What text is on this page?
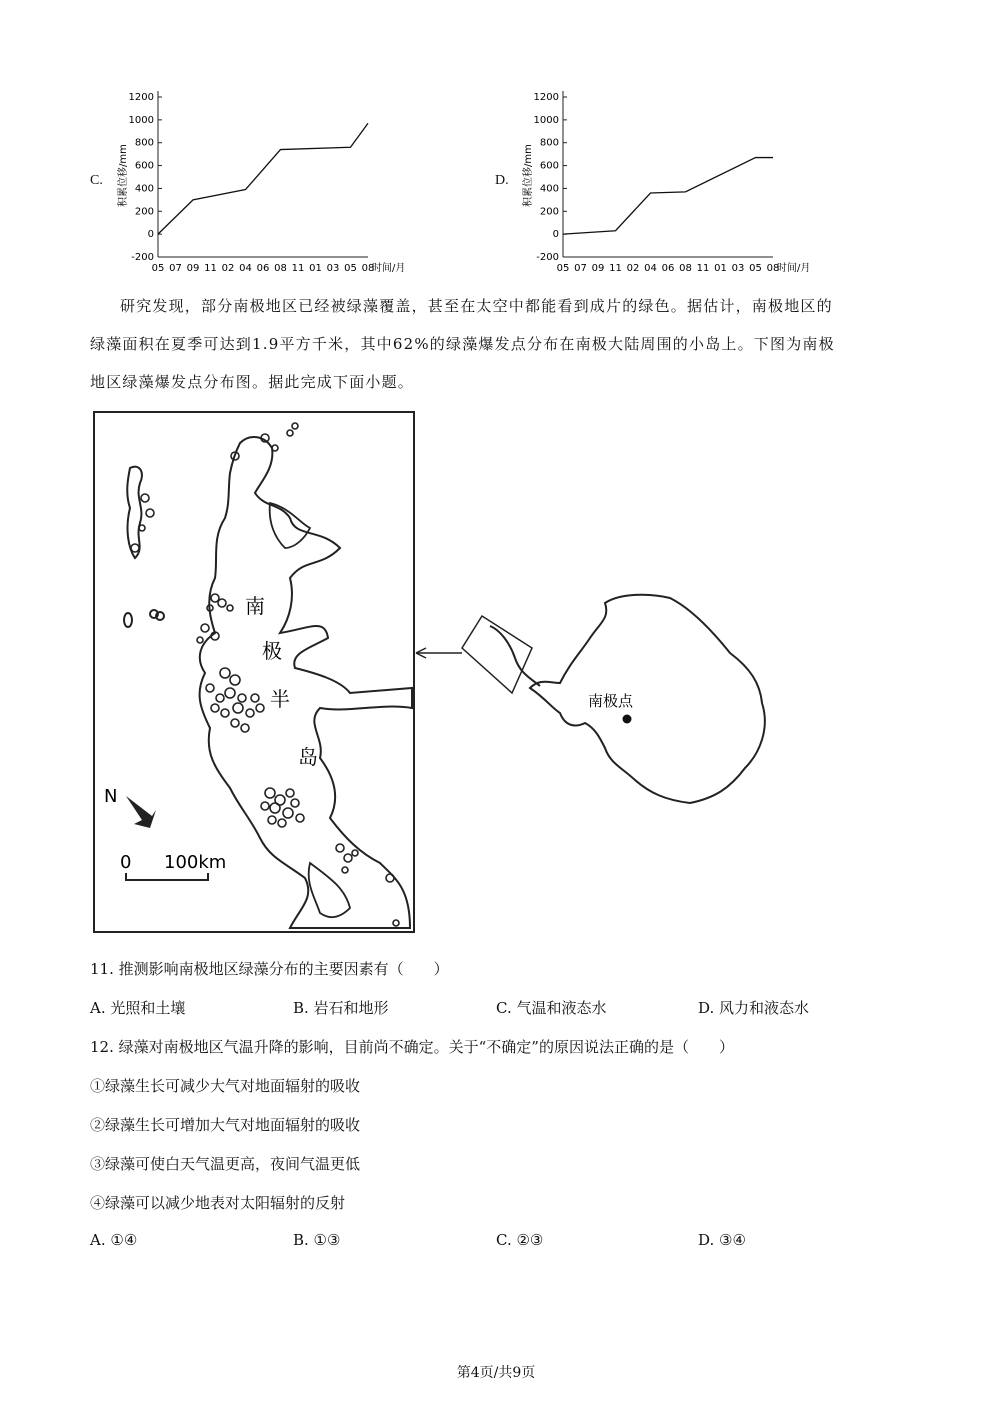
C.
-200
0
200
400
600
800
1000
1200
05 07 09 11 02 04 06 08 11 01 03 05 08
时间/月
积累位移/mm	D.
-200
0
200
400
600
800
1000
1200
05 07 09 11 02 04 06 08 11 01 03 05 08
时间/月
积累位移/mm
研究发现，部分南极地区已经被绿藻覆盖，甚至在太空中都能看到成片的绿色。据估计，南极地区的
绿藻面积在夏季可达到1.9平方千米，其中62%的绿藻爆发点分布在南极大陆周围的小岛上。下图为南极
地区绿藻爆发点分布图。据此完成下面小题。
南
极
半
岛
N
0 100km
南极点
11. 推测影响南极地区绿藻分布的主要因素有（　　）
A. 光照和土壤	B. 岩石和地形	C. 气温和液态水	D. 风力和液态水
12. 绿藻对南极地区气温升降的影响，目前尚不确定。关于“不确定”的原因说法正确的是（　　）
①绿藻生长可减少大气对地面辐射的吸收
②绿藻生长可增加大气对地面辐射的吸收
③绿藻可使白天气温更高，夜间气温更低
④绿藻可以减少地表对太阳辐射的反射
A. ①④	B. ①③	C. ②③	D. ③④
第4页/共9页
